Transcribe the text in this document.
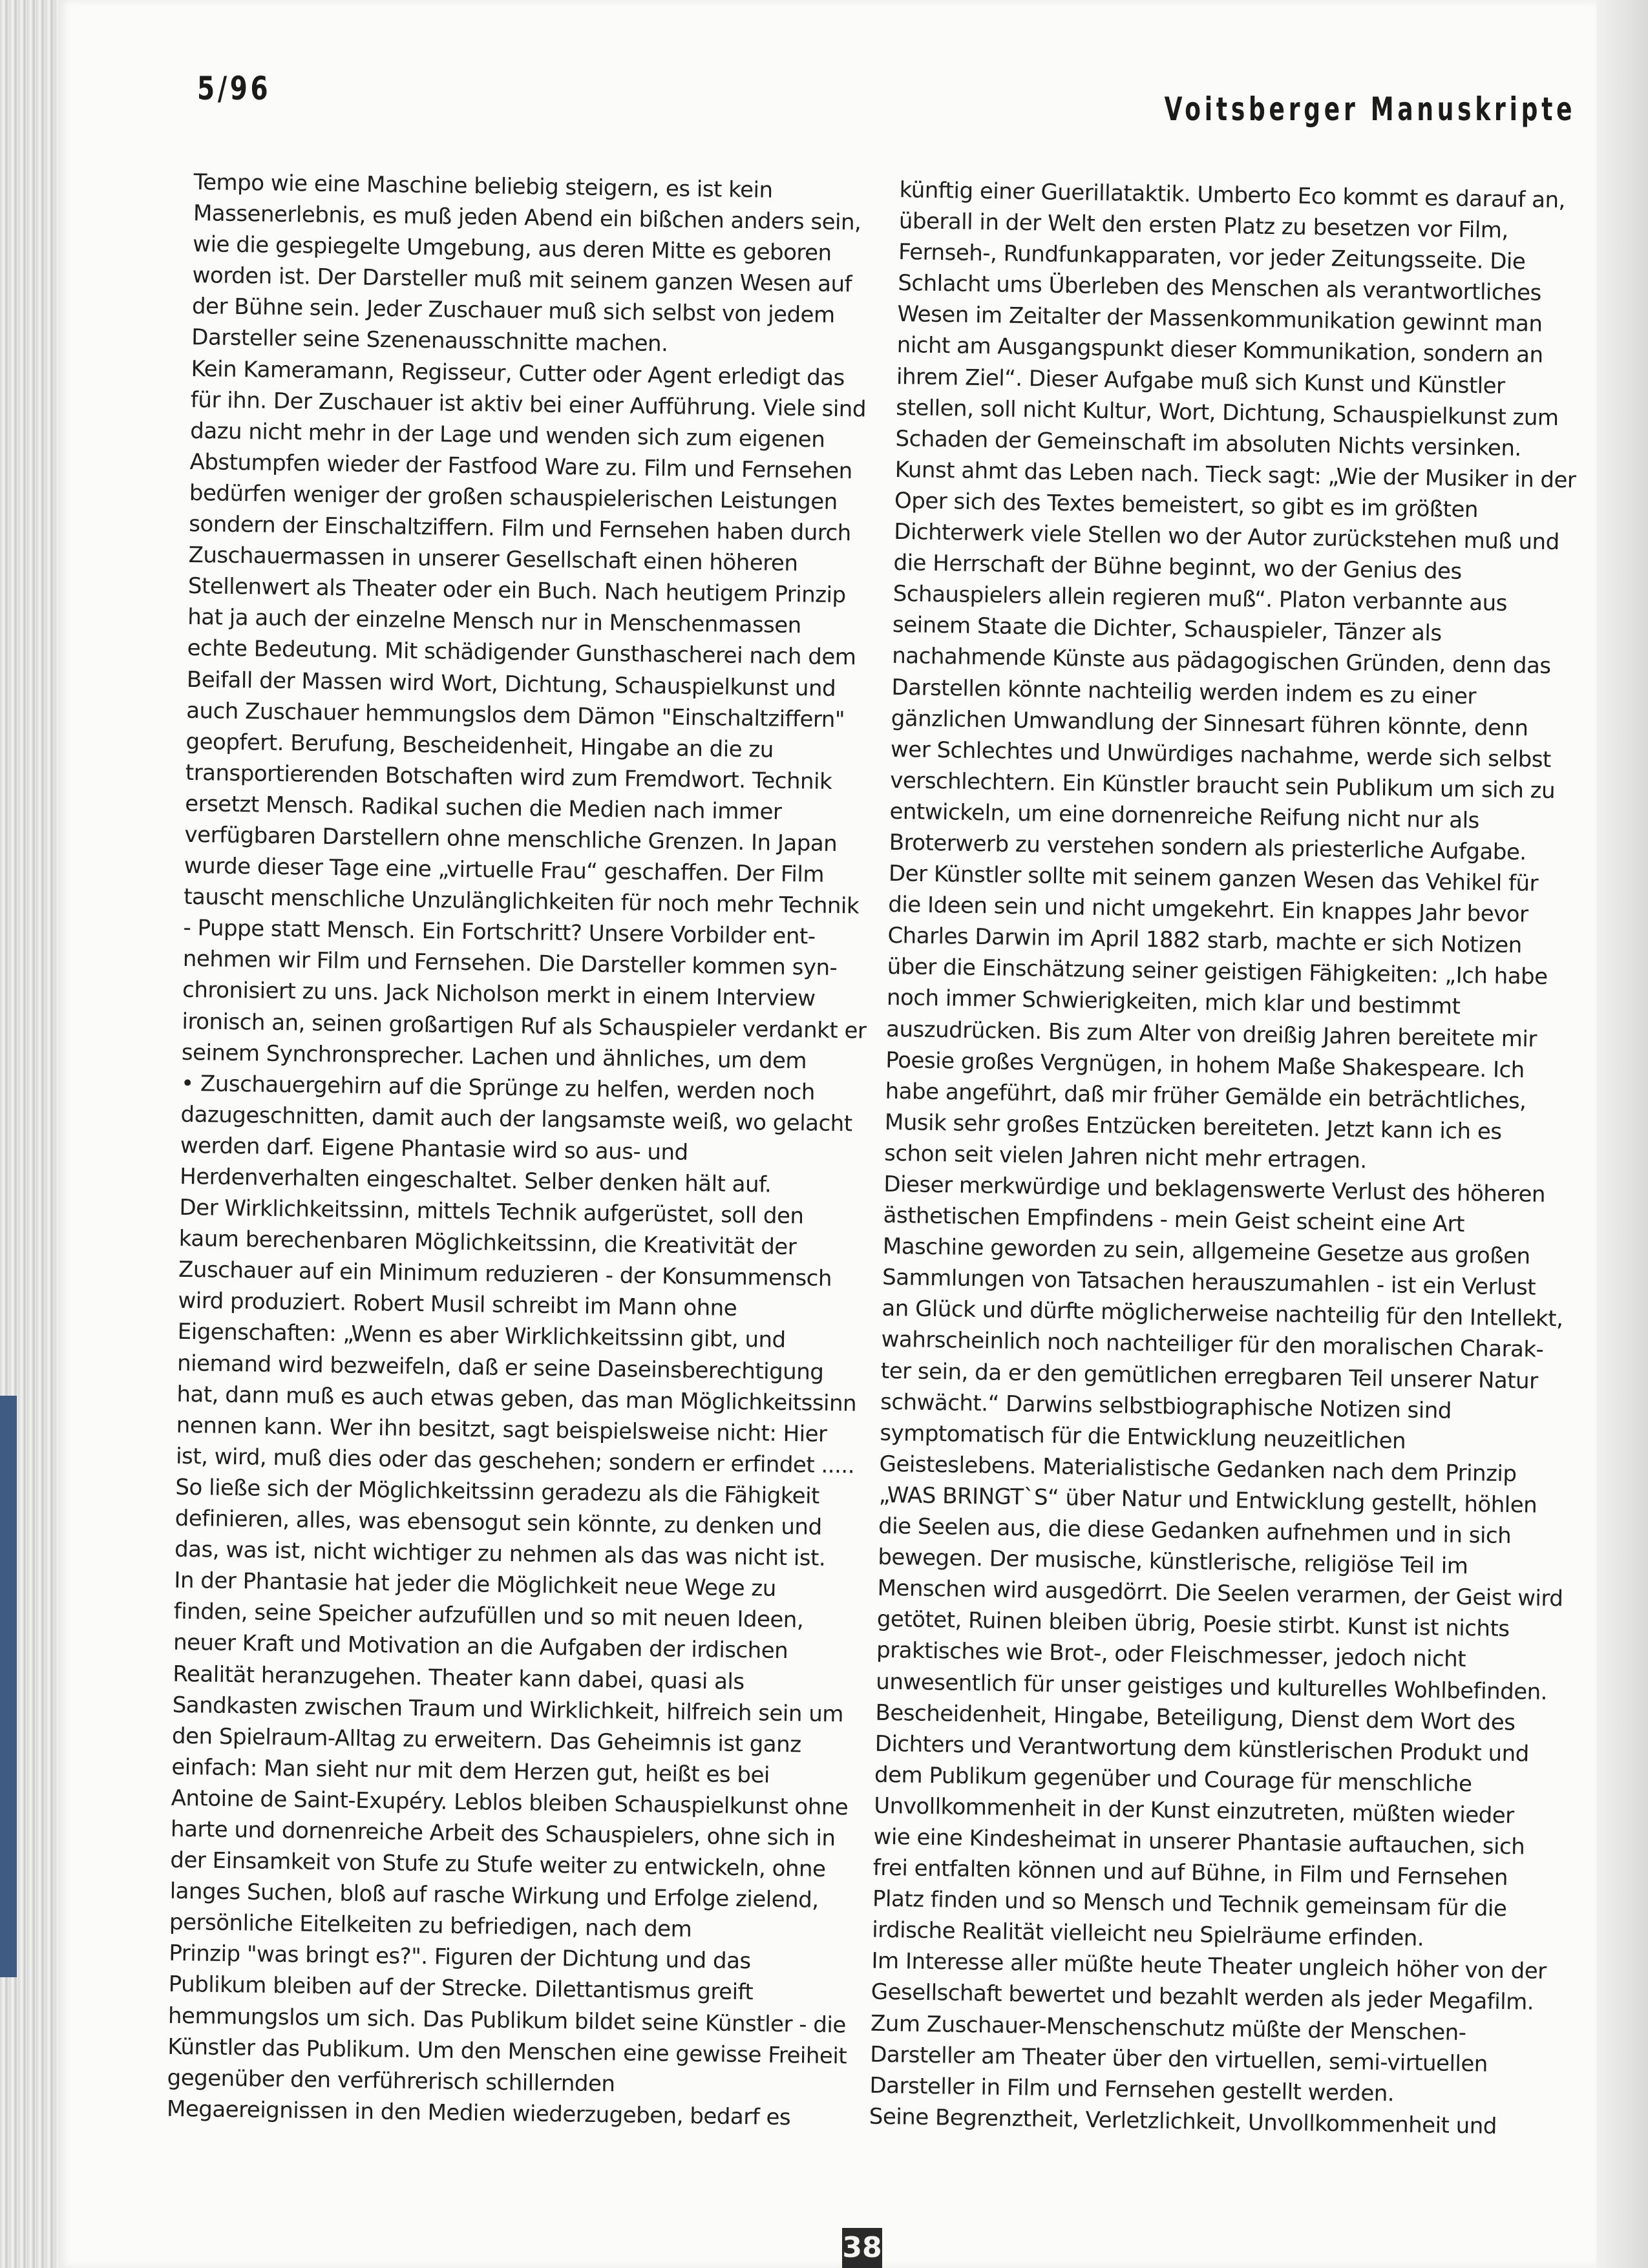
5/96
Voitsberger Manuskripte
Tempo wie eine Maschine beliebig steigern, es ist kein
Massenerlebnis, es muß jeden Abend ein bißchen anders sein,
wie die gespiegelte Umgebung, aus deren Mitte es geboren
worden ist. Der Darsteller muß mit seinem ganzen Wesen auf
der Bühne sein. Jeder Zuschauer muß sich selbst von jedem
Darsteller seine Szenenausschnitte machen.
Kein Kameramann, Regisseur, Cutter oder Agent erledigt das
für ihn. Der Zuschauer ist aktiv bei einer Aufführung. Viele sind
dazu nicht mehr in der Lage und wenden sich zum eigenen
Abstumpfen wieder der Fastfood Ware zu. Film und Fernsehen
bedürfen weniger der großen schauspielerischen Leistungen
sondern der Einschaltziffern. Film und Fernsehen haben durch
Zuschauermassen in unserer Gesellschaft einen höheren
Stellenwert als Theater oder ein Buch. Nach heutigem Prinzip
hat ja auch der einzelne Mensch nur in Menschenmassen
echte Bedeutung. Mit schädigender Gunsthascherei nach dem
Beifall der Massen wird Wort, Dichtung, Schauspielkunst und
auch Zuschauer hemmungslos dem Dämon "Einschaltziffern"
geopfert. Berufung, Bescheidenheit, Hingabe an die zu
transportierenden Botschaften wird zum Fremdwort. Technik
ersetzt Mensch. Radikal suchen die Medien nach immer
verfügbaren Darstellern ohne menschliche Grenzen. In Japan
wurde dieser Tage eine „virtuelle Frau“ geschaffen. Der Film
tauscht menschliche Unzulänglichkeiten für noch mehr Technik
- Puppe statt Mensch. Ein Fortschritt? Unsere Vorbilder ent-
nehmen wir Film und Fernsehen. Die Darsteller kommen syn-
chronisiert zu uns. Jack Nicholson merkt in einem Interview
ironisch an, seinen großartigen Ruf als Schauspieler verdankt er
seinem Synchronsprecher. Lachen und ähnliches, um dem
• Zuschauergehirn auf die Sprünge zu helfen, werden noch
dazugeschnitten, damit auch der langsamste weiß, wo gelacht
werden darf. Eigene Phantasie wird so aus- und
Herdenverhalten eingeschaltet. Selber denken hält auf.
Der Wirklichkeitssinn, mittels Technik aufgerüstet, soll den
kaum berechenbaren Möglichkeitssinn, die Kreativität der
Zuschauer auf ein Minimum reduzieren - der Konsummensch
wird produziert. Robert Musil schreibt im Mann ohne
Eigenschaften: „Wenn es aber Wirklichkeitssinn gibt, und
niemand wird bezweifeln, daß er seine Daseinsberechtigung
hat, dann muß es auch etwas geben, das man Möglichkeitssinn
nennen kann. Wer ihn besitzt, sagt beispielsweise nicht: Hier
ist, wird, muß dies oder das geschehen; sondern er erfindet .....
So ließe sich der Möglichkeitssinn geradezu als die Fähigkeit
definieren, alles, was ebensogut sein könnte, zu denken und
das, was ist, nicht wichtiger zu nehmen als das was nicht ist.
In der Phantasie hat jeder die Möglichkeit neue Wege zu
finden, seine Speicher aufzufüllen und so mit neuen Ideen,
neuer Kraft und Motivation an die Aufgaben der irdischen
Realität heranzugehen. Theater kann dabei, quasi als
Sandkasten zwischen Traum und Wirklichkeit, hilfreich sein um
den Spielraum-Alltag zu erweitern. Das Geheimnis ist ganz
einfach: Man sieht nur mit dem Herzen gut, heißt es bei
Antoine de Saint-Exupéry. Leblos bleiben Schauspielkunst ohne
harte und dornenreiche Arbeit des Schauspielers, ohne sich in
der Einsamkeit von Stufe zu Stufe weiter zu entwickeln, ohne
langes Suchen, bloß auf rasche Wirkung und Erfolge zielend,
persönliche Eitelkeiten zu befriedigen, nach dem
Prinzip "was bringt es?". Figuren der Dichtung und das
Publikum bleiben auf der Strecke. Dilettantismus greift
hemmungslos um sich. Das Publikum bildet seine Künstler - die
Künstler das Publikum. Um den Menschen eine gewisse Freiheit
gegenüber den verführerisch schillernden
Megaereignissen in den Medien wiederzugeben, bedarf es
künftig einer Guerillataktik. Umberto Eco kommt es darauf an,
überall in der Welt den ersten Platz zu besetzen vor Film,
Fernseh-, Rundfunkapparaten, vor jeder Zeitungsseite. Die
Schlacht ums Überleben des Menschen als verantwortliches
Wesen im Zeitalter der Massenkommunikation gewinnt man
nicht am Ausgangspunkt dieser Kommunikation, sondern an
ihrem Ziel“. Dieser Aufgabe muß sich Kunst und Künstler
stellen, soll nicht Kultur, Wort, Dichtung, Schauspielkunst zum
Schaden der Gemeinschaft im absoluten Nichts versinken.
Kunst ahmt das Leben nach. Tieck sagt: „Wie der Musiker in der
Oper sich des Textes bemeistert, so gibt es im größten
Dichterwerk viele Stellen wo der Autor zurückstehen muß und
die Herrschaft der Bühne beginnt, wo der Genius des
Schauspielers allein regieren muß“. Platon verbannte aus
seinem Staate die Dichter, Schauspieler, Tänzer als
nachahmende Künste aus pädagogischen Gründen, denn das
Darstellen könnte nachteilig werden indem es zu einer
gänzlichen Umwandlung der Sinnesart führen könnte, denn
wer Schlechtes und Unwürdiges nachahme, werde sich selbst
verschlechtern. Ein Künstler braucht sein Publikum um sich zu
entwickeln, um eine dornenreiche Reifung nicht nur als
Broterwerb zu verstehen sondern als priesterliche Aufgabe.
Der Künstler sollte mit seinem ganzen Wesen das Vehikel für
die Ideen sein und nicht umgekehrt. Ein knappes Jahr bevor
Charles Darwin im April 1882 starb, machte er sich Notizen
über die Einschätzung seiner geistigen Fähigkeiten: „Ich habe
noch immer Schwierigkeiten, mich klar und bestimmt
auszudrücken. Bis zum Alter von dreißig Jahren bereitete mir
Poesie großes Vergnügen, in hohem Maße Shakespeare. Ich
habe angeführt, daß mir früher Gemälde ein beträchtliches,
Musik sehr großes Entzücken bereiteten. Jetzt kann ich es
schon seit vielen Jahren nicht mehr ertragen.
Dieser merkwürdige und beklagenswerte Verlust des höheren
ästhetischen Empfindens - mein Geist scheint eine Art
Maschine geworden zu sein, allgemeine Gesetze aus großen
Sammlungen von Tatsachen herauszumahlen - ist ein Verlust
an Glück und dürfte möglicherweise nachteilig für den Intellekt,
wahrscheinlich noch nachteiliger für den moralischen Charak-
ter sein, da er den gemütlichen erregbaren Teil unserer Natur
schwächt.“ Darwins selbstbiographische Notizen sind
symptomatisch für die Entwicklung neuzeitlichen
Geisteslebens. Materialistische Gedanken nach dem Prinzip
„WAS BRINGT`S“ über Natur und Entwicklung gestellt, höhlen
die Seelen aus, die diese Gedanken aufnehmen und in sich
bewegen. Der musische, künstlerische, religiöse Teil im
Menschen wird ausgedörrt. Die Seelen verarmen, der Geist wird
getötet, Ruinen bleiben übrig, Poesie stirbt. Kunst ist nichts
praktisches wie Brot-, oder Fleischmesser, jedoch nicht
unwesentlich für unser geistiges und kulturelles Wohlbefinden.
Bescheidenheit, Hingabe, Beteiligung, Dienst dem Wort des
Dichters und Verantwortung dem künstlerischen Produkt und
dem Publikum gegenüber und Courage für menschliche
Unvollkommenheit in der Kunst einzutreten, müßten wieder
wie eine Kindesheimat in unserer Phantasie auftauchen, sich
frei entfalten können und auf Bühne, in Film und Fernsehen
Platz finden und so Mensch und Technik gemeinsam für die
irdische Realität vielleicht neu Spielräume erfinden.
Im Interesse aller müßte heute Theater ungleich höher von der
Gesellschaft bewertet und bezahlt werden als jeder Megafilm.
Zum Zuschauer-Menschenschutz müßte der Menschen-
Darsteller am Theater über den virtuellen, semi-virtuellen
Darsteller in Film und Fernsehen gestellt werden.
Seine Begrenztheit, Verletzlichkeit, Unvollkommenheit und
38
